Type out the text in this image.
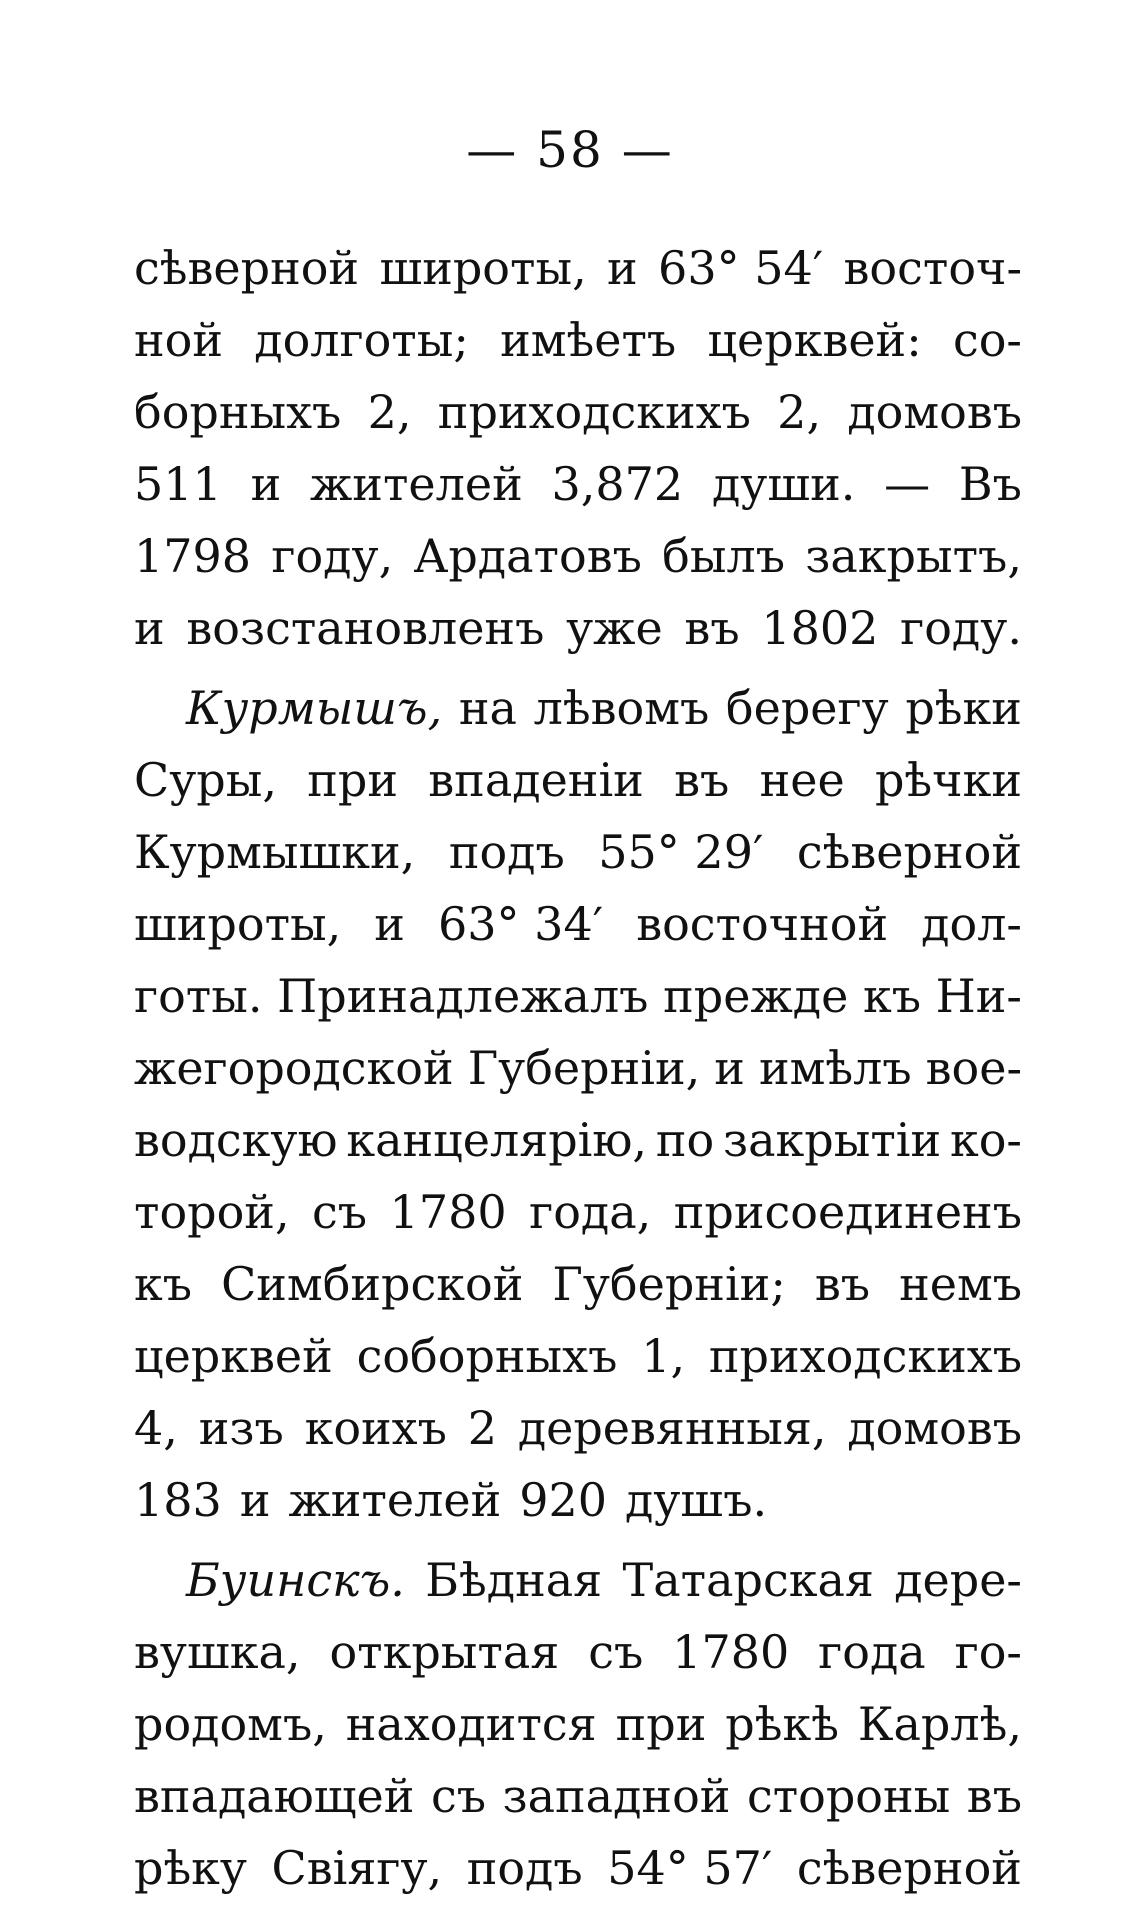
— 58 —
сѣверной широты, и 63° 54′ восточ-
ной долготы; имѣетъ церквей: со-
борныхъ 2, приходскихъ 2, домовъ
511 и жителей 3,872 души. — Въ
1798 году, Ардатовъ былъ закрытъ,
и возстановленъ уже въ 1802 году.
Курмышъ, на лѣвомъ берегу рѣки
Суры, при впаденіи въ нее рѣчки
Курмышки, подъ 55° 29′ сѣверной
широты, и 63° 34′ восточной дол-
готы. Принадлежалъ прежде къ Ни-
жегородской Губерніи, и имѣлъ вое-
водскую канцелярію, по закрытіи ко-
торой, съ 1780 года, присоединенъ
къ Симбирской Губерніи; въ немъ
церквей соборныхъ 1, приходскихъ
4, изъ коихъ 2 деревянныя, домовъ
183 и жителей 920 душъ.
Буинскъ. Бѣдная Татарская дере-
вушка, открытая съ 1780 года го-
родомъ, находится при рѣкѣ Карлѣ,
впадающей съ западной стороны въ
рѣку Свіягу, подъ 54° 57′ сѣверной
